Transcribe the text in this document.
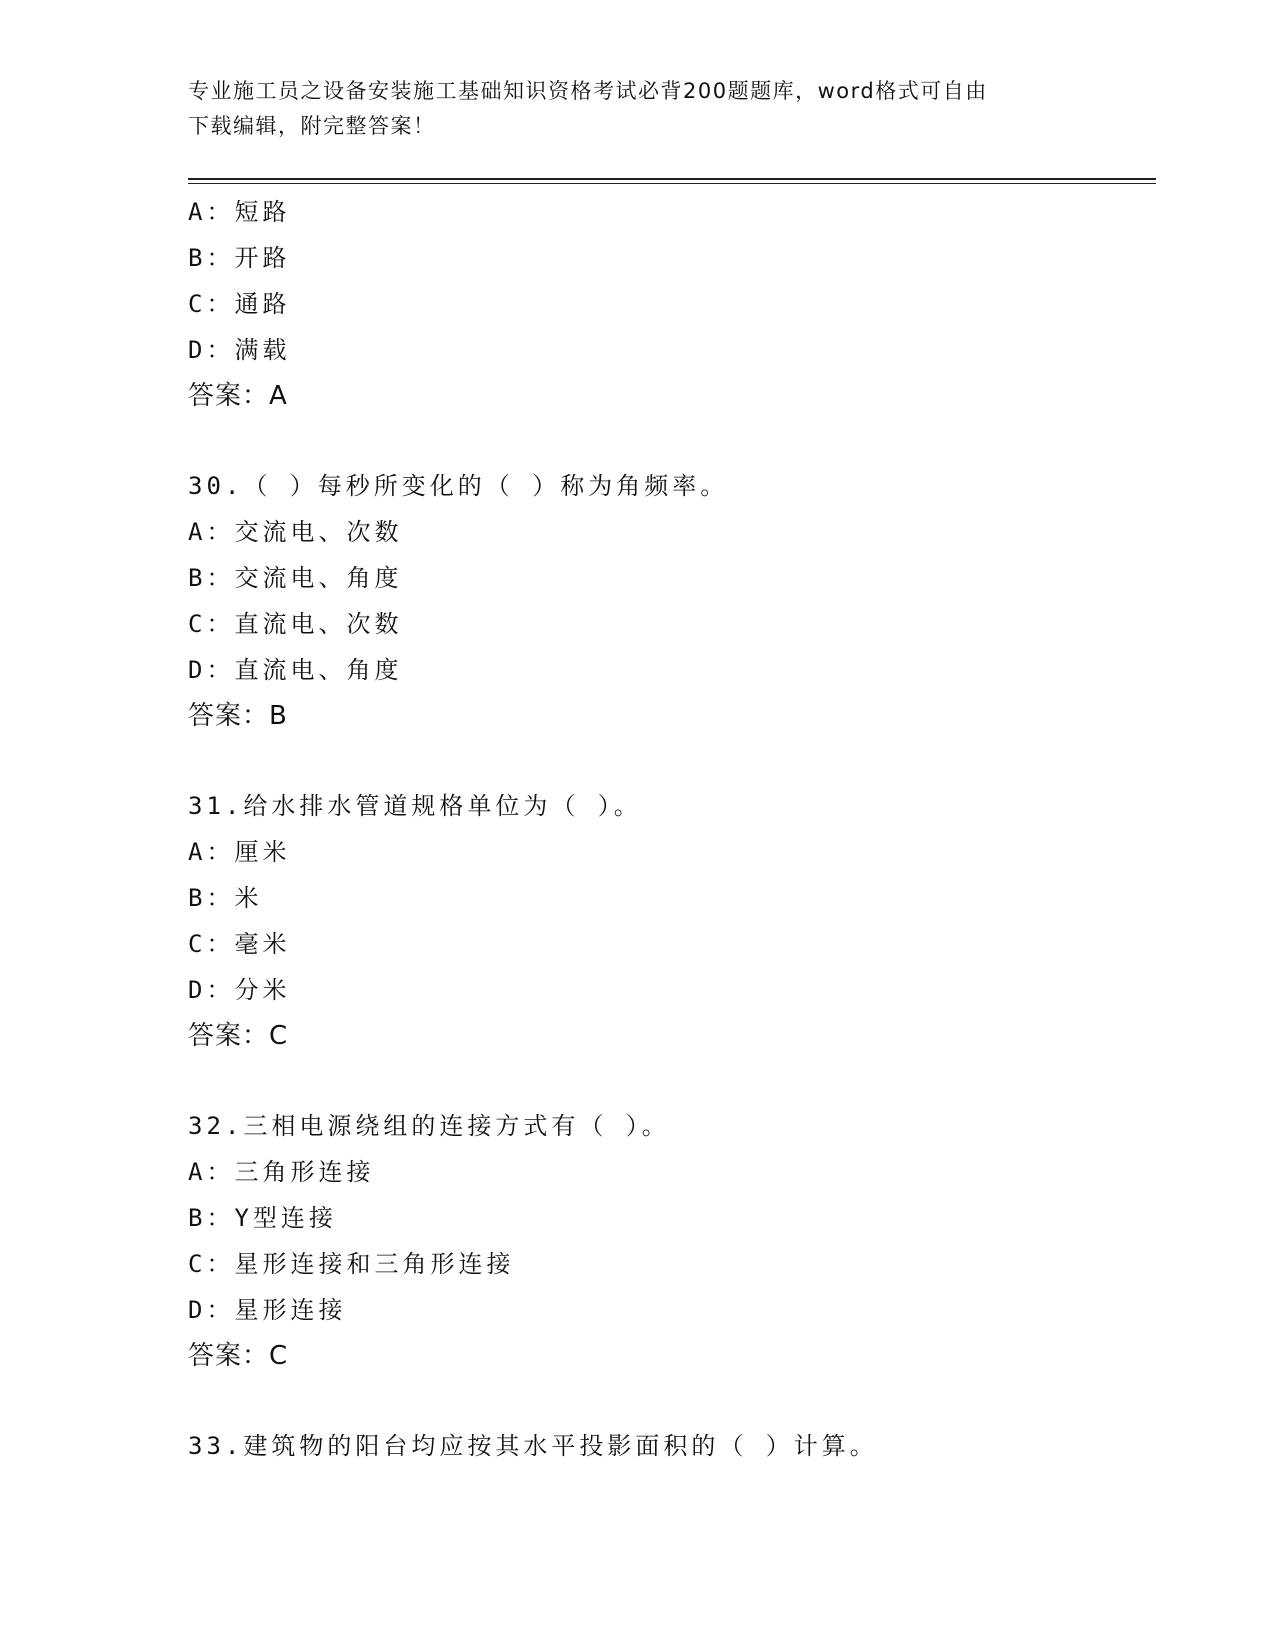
专业施工员之设备安装施工基础知识资格考试必背200题题库，word格式可自由
下载编辑，附完整答案！
A：短路
B：开路
C：通路
D：满载
答案：A
30.（ ）每秒所变化的（ ）称为角频率。
A：交流电、次数
B：交流电、角度
C：直流电、次数
D：直流电、角度
答案：B
31.给水排水管道规格单位为（ ）。
A：厘米
B：米
C：毫米
D：分米
答案：C
32.三相电源绕组的连接方式有（ ）。
A：三角形连接
B：Y型连接
C：星形连接和三角形连接
D：星形连接
答案：C
33.建筑物的阳台均应按其水平投影面积的（ ）计算。
